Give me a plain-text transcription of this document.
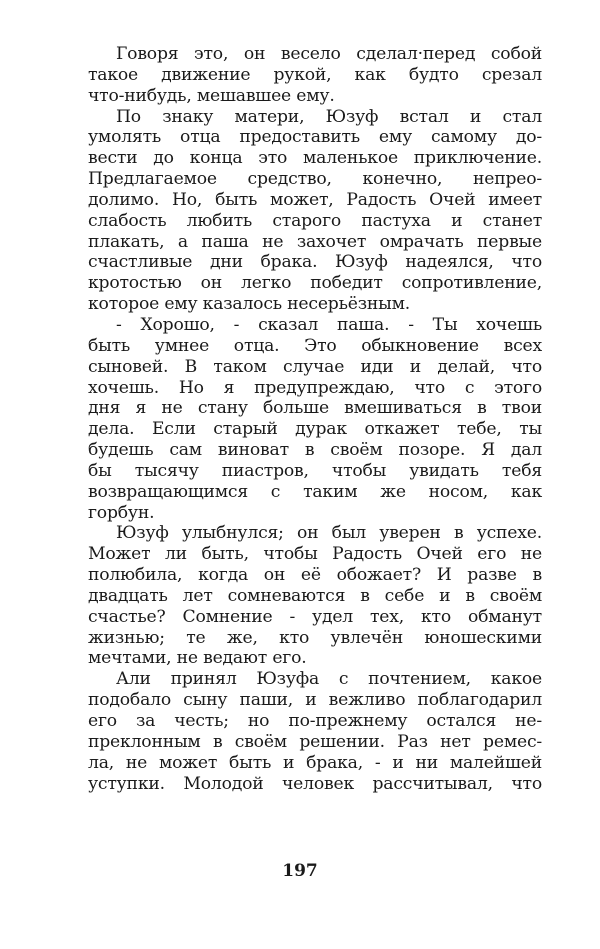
Говоря это, он весело сделал·перед собой
такое движение рукой, как будто срезал
что-нибудь, мешавшее ему.
По знаку матери, Юзуф встал и стал
умолять отца предоставить ему самому до-
вести до конца это маленькое приключение.
Предлагаемое средство, конечно, непрео-
долимо. Но, быть может, Радость Очей имеет
слабость любить старого пастуха и станет
плакать, а паша не захочет омрачать первые
счастливые дни брака. Юзуф надеялся, что
кротостью он легко победит сопротивление,
которое ему казалось несерьёзным.
- Хорошо, - сказал паша. - Ты хочешь
быть умнее отца. Это обыкновение всех
сыновей. В таком случае иди и делай, что
хочешь. Но я предупреждаю, что с этого
дня я не стану больше вмешиваться в твои
дела. Если старый дурак откажет тебе, ты
будешь сам виноват в своём позоре. Я дал
бы тысячу пиастров, чтобы увидать тебя
возвращающимся с таким же носом, как
горбун.
Юзуф улыбнулся; он был уверен в успехе.
Может ли быть, чтобы Радость Очей его не
полюбила, когда он её обожает? И разве в
двадцать лет сомневаются в себе и в своём
счастье? Сомнение - удел тех, кто обманут
жизнью; те же, кто увлечён юношескими
мечтами, не ведают его.
Али принял Юзуфа с почтением, какое
подобало сыну паши, и вежливо поблагодарил
его за честь; но по-прежнему остался не-
преклонным в своём решении. Раз нет ремес-
ла, не может быть и брака, - и ни малейшей
уступки. Молодой человек рассчитывал, что
197
